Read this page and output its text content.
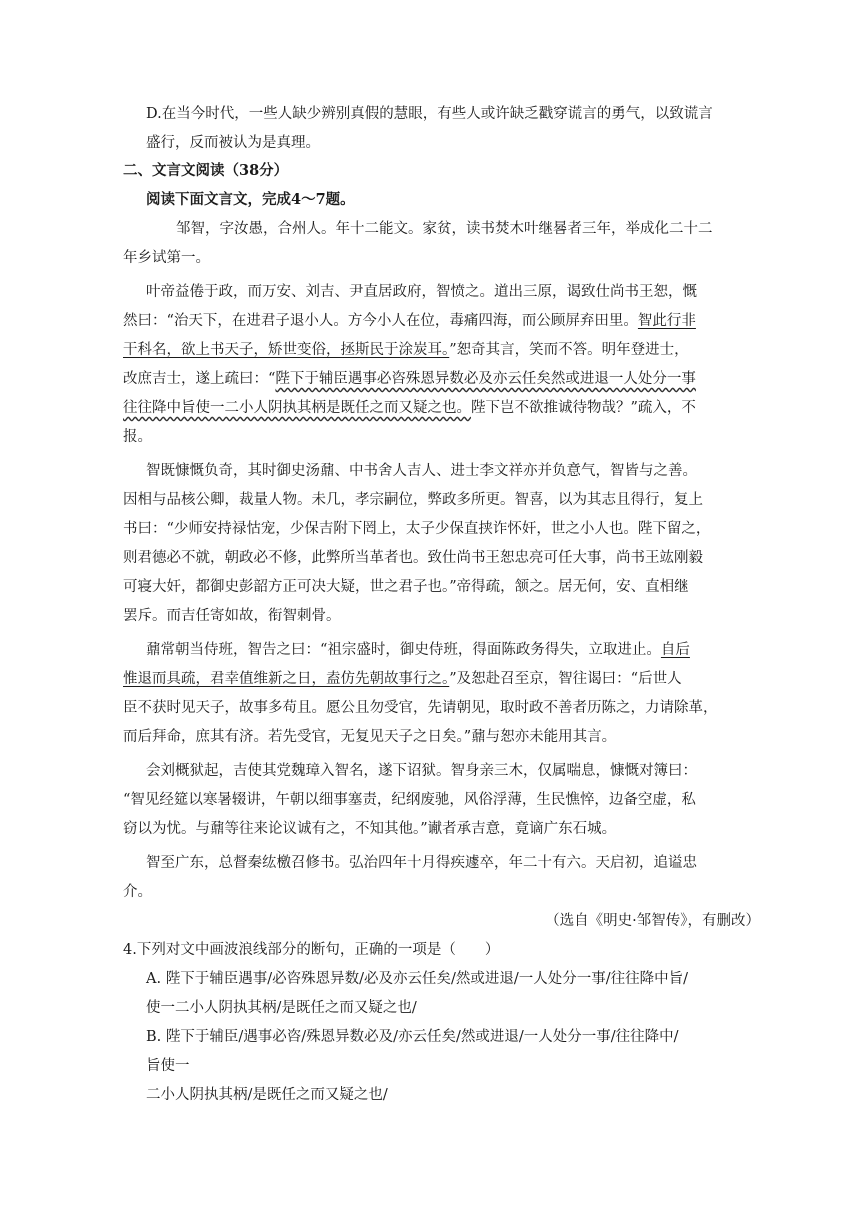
D.在当今时代，一些人缺少辨别真假的慧眼，有些人或许缺乏戳穿谎言的勇气，以致谎言
盛行，反而被认为是真理。
二、文言文阅读（38分）
阅读下面文言文，完成4～7题。
邹智，字汝愚，合州人。年十二能文。家贫，读书焚木叶继晷者三年，举成化二十二
年乡试第一。
叶帝益倦于政，而万安、刘吉、尹直居政府，智愤之。道出三原，谒致仕尚书王恕，慨
然曰：“治天下，在进君子退小人。方今小人在位，毒痛四海，而公顾屏弃田里。智此行非
干科名，欲上书天子，矫世变俗，拯斯民于涂炭耳。”恕奇其言，笑而不答。明年登进士，
改庶吉士，遂上疏曰：“陛下于辅臣遇事必咨殊恩异数必及亦云任矣然或进退一人处分一事
往往降中旨使一二小人阴执其柄是既任之而又疑之也。陛下岂不欲推诚待物哉？”疏入，不
报。
智既慷慨负奇，其时御史汤鼐、中书舍人吉人、进士李文祥亦并负意气，智皆与之善。
因相与品核公卿，裁量人物。未几，孝宗嗣位，弊政多所更。智喜，以为其志且得行，复上
书曰：“少师安持禄怙宠，少保吉附下罔上，太子少保直挟诈怀奸，世之小人也。陛下留之，
则君德必不就，朝政必不修，此弊所当革者也。致仕尚书王恕忠亮可任大事，尚书王竑刚毅
可寝大奸，都御史彭韶方正可决大疑，世之君子也。”帝得疏，颔之。居无何，安、直相继
罢斥。而吉任寄如故，衔智刺骨。
鼐常朝当侍班，智告之曰：“祖宗盛时，御史侍班，得面陈政务得失，立取进止。自后
惟退而具疏，君幸值维新之日，盍仿先朝故事行之。”及恕赴召至京，智往谒曰：“后世人
臣不获时见天子，故事多苟且。愿公且勿受官，先请朝见，取时政不善者历陈之，力请除革，
而后拜命，庶其有济。若先受官，无复见天子之日矣。”鼐与恕亦未能用其言。
会刘概狱起，吉使其党魏璋入智名，遂下诏狱。智身亲三木，仅属喘息，慷慨对簿曰：
“智见经筵以寒暑辍讲，午朝以细事塞责，纪纲废驰，风俗浮薄，生民憔悴，边备空虚，私
窃以为忧。与鼐等往来论议诚有之，不知其他。”谳者承吉意，竟谪广东石城。
智至广东，总督秦纮檄召修书。弘治四年十月得疾遽卒，年二十有六。天启初，追谥忠
介。
（选自《明史·邹智传》，有删改）
4.下列对文中画波浪线部分的断句，正确的一项是（　　）
A. 陛下于辅臣遇事/必咨殊恩异数/必及亦云任矣/然或进退/一人处分一事/往往降中旨/
使一二小人阴执其柄/是既任之而又疑之也/
B. 陛下于辅臣/遇事必咨/殊恩异数必及/亦云任矣/然或进退/一人处分一事/往往降中/
旨使一
二小人阴执其柄/是既任之而又疑之也/
